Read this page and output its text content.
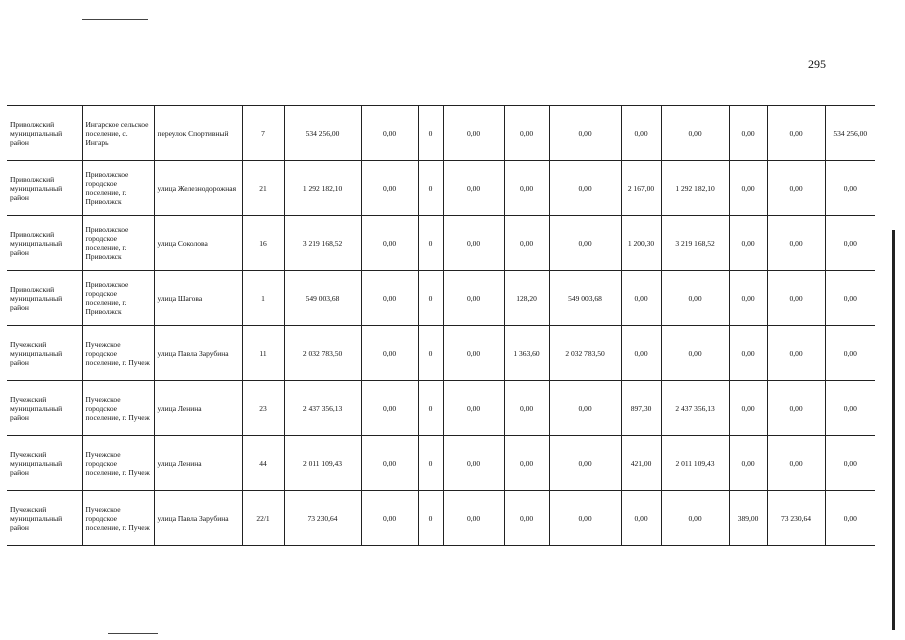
295
Приволжский муниципальный район	Ингарское сельское поселение, с. Ингарь	переулок Спортивный	7	534 256,00	0,00	0	0,00	0,00	0,00	0,00	0,00	0,00	0,00	534 256,00
Приволжский муниципальный район	Приволжское городское поселение, г. Приволжск	улица Железнодорожная	21	1 292 182,10	0,00	0	0,00	0,00	0,00	2 167,00	1 292 182,10	0,00	0,00	0,00
Приволжский муниципальный район	Приволжское городское поселение, г. Приволжск	улица Соколова	16	3 219 168,52	0,00	0	0,00	0,00	0,00	1 200,30	3 219 168,52	0,00	0,00	0,00
Приволжский муниципальный район	Приволжское городское поселение, г. Приволжск	улица Шагова	1	549 003,68	0,00	0	0,00	128,20	549 003,68	0,00	0,00	0,00	0,00	0,00
Пучежский муниципальный район	Пучежское городское поселение, г. Пучеж	улица Павла Зарубина	11	2 032 783,50	0,00	0	0,00	1 363,60	2 032 783,50	0,00	0,00	0,00	0,00	0,00
Пучежский муниципальный район	Пучежское городское поселение, г. Пучеж	улица Ленина	23	2 437 356,13	0,00	0	0,00	0,00	0,00	897,30	2 437 356,13	0,00	0,00	0,00
Пучежский муниципальный район	Пучежское городское поселение, г. Пучеж	улица Ленина	44	2 011 109,43	0,00	0	0,00	0,00	0,00	421,00	2 011 109,43	0,00	0,00	0,00
Пучежский муниципальный район	Пучежское городское поселение, г. Пучеж	улица Павла Зарубина	22/1	73 230,64	0,00	0	0,00	0,00	0,00	0,00	0,00	389,00	73 230,64	0,00
